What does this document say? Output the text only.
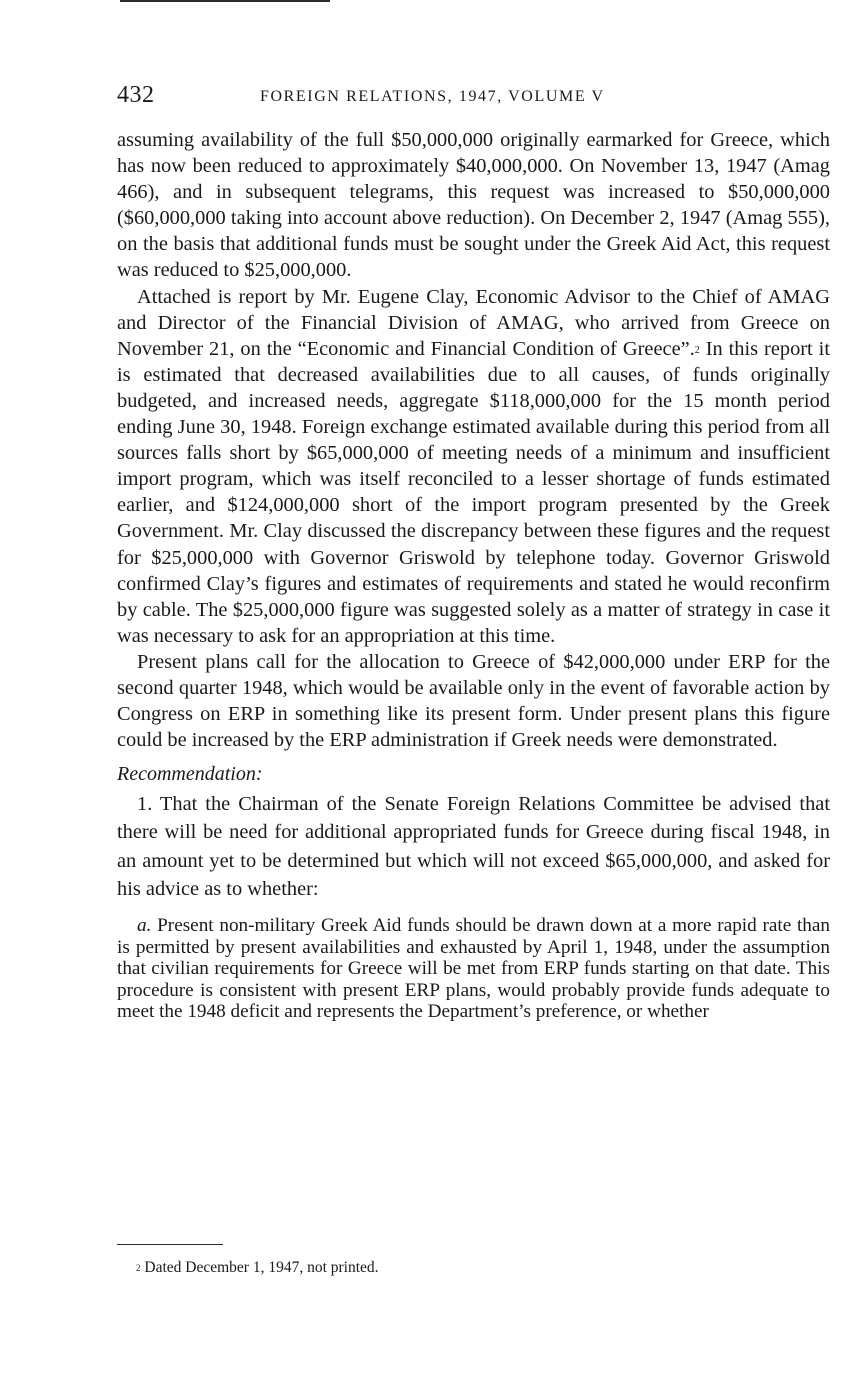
432	FOREIGN RELATIONS, 1947, VOLUME V

assuming availability of the full $50,000,000 originally earmarked for Greece, which has now been reduced to approximately $40,000,000. On November 13, 1947 (Amag 466), and in subsequent telegrams, this request was increased to $50,000,000 ($60,000,000 taking into account above reduction). On December 2, 1947 (Amag 555), on the basis that additional funds must be sought under the Greek Aid Act, this request was reduced to $25,000,000.

Attached is report by Mr. Eugene Clay, Economic Advisor to the Chief of AMAG and Director of the Financial Division of AMAG, who arrived from Greece on November 21, on the “Economic and Financial Condition of Greece”.$^2$ In this report it is estimated that decreased availabilities due to all causes, of funds originally budgeted, and increased needs, aggregate $118,000,000 for the 15 month period ending June 30, 1948. Foreign exchange estimated available during this period from all sources falls short by $65,000,000 of meeting needs of a minimum and insufficient import program, which was itself reconciled to a lesser shortage of funds estimated earlier, and $124,000,000 short of the import program presented by the Greek Government. Mr. Clay discussed the discrepancy between these figures and the request for $25,000,000 with Governor Griswold by telephone today. Governor Griswold confirmed Clay’s figures and estimates of requirements and stated he would reconfirm by cable. The $25,000,000 figure was suggested solely as a matter of strategy in case it was necessary to ask for an appropriation at this time.

Present plans call for the allocation to Greece of $42,000,000 under ERP for the second quarter 1948, which would be available only in the event of favorable action by Congress on ERP in something like its present form. Under present plans this figure could be increased by the ERP administration if Greek needs were demonstrated.

Recommendation:

1. That the Chairman of the Senate Foreign Relations Committee be advised that there will be need for additional appropriated funds for Greece during fiscal 1948, in an amount yet to be determined but which will not exceed $65,000,000, and asked for his advice as to whether:

a. Present non-military Greek Aid funds should be drawn down at a more rapid rate than is permitted by present availabilities and exhausted by April 1, 1948, under the assumption that civilian requirements for Greece will be met from ERP funds starting on that date. This procedure is consistent with present ERP plans, would probably provide funds adequate to meet the 1948 deficit and represents the Department’s preference, or whether

$^2$ Dated December 1, 1947, not printed.
